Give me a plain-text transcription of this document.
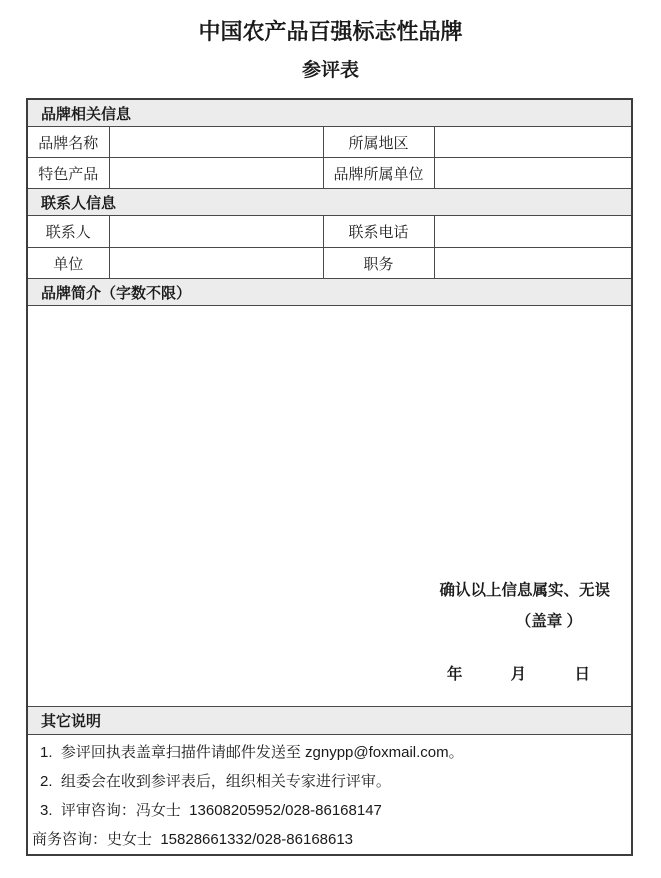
中国农产品百强标志性品牌
参评表
品牌相关信息			
品牌名称		所属地区	
特色产品		品牌所属单位	
联系人信息			
联系人		联系电话	
单位		职务	
品牌简介（字数不限）			

确认以上信息属实、无误
（盖章 ）
年 月 日			

其它说明			

1.  参评回执表盖章扫描件请邮件发送至 zgnypp@foxmail.com。
2.  组委会在收到参评表后，组织相关专家进行评审。
3.  评审咨询：冯女士  13608205952/028-86168147
商务咨询：史女士  15828661332/028-86168613			
